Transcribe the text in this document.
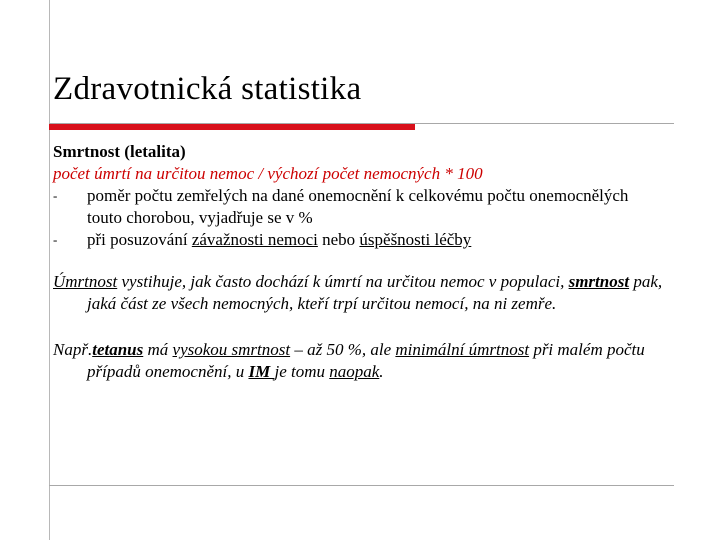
Zdravotnická statistika

Smrtnost (letalita)

počet úmrtí na určitou nemoc / výchozí počet nemocných * 100

- poměr počtu zemřelých na dané onemocnění k celkovému počtu onemocnělých touto chorobou, vyjadřuje se v %
- při posuzování závažnosti nemoci nebo úspěšnosti léčby

Úmrtnost vystihuje, jak často dochází k úmrtí na určitou nemoc v populaci, smrtnost pak, jaká část ze všech nemocných, kteří trpí určitou nemocí, na ni zemře.

Např.tetanus má vysokou smrtnost – až 50 %, ale minimální úmrtnost při malém počtu případů onemocnění, u IM je tomu naopak.
